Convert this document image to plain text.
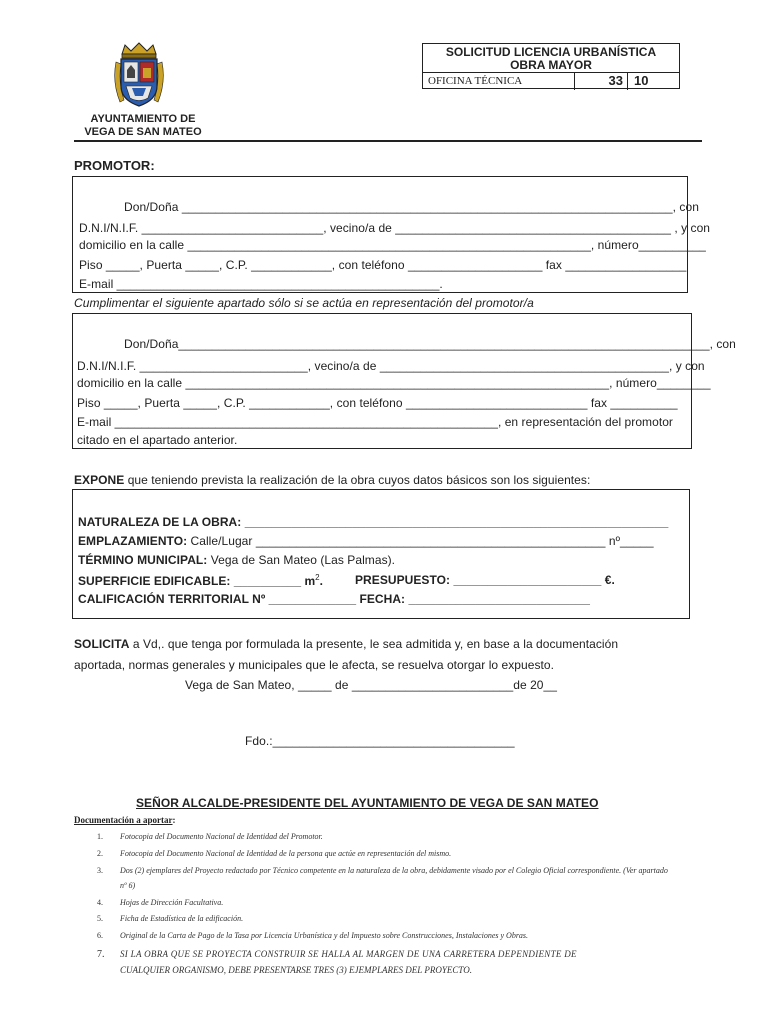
AYUNTAMIENTO DE
VEGA DE SAN MATEO
SOLICITUD LICENCIA URBANÍSTICA
OBRA MAYOR
OFICINA TÉCNICA	33 10
PROMOTOR:
Don/Doña _________________________________________________________________________, con
D.N.I/N.I.F. ___________________________, vecino/a de _________________________________________ , y con
domicilio en la calle ____________________________________________________________, número__________
Piso _____, Puerta _____, C.P. ____________, con teléfono ____________________ fax __________________
E-mail ________________________________________________.
Cumplimentar el siguiente apartado sólo si se actúa en representación del promotor/a
Don/Doña_______________________________________________________________________________, con
D.N.I/N.I.F. _________________________, vecino/a de ___________________________________________, y con
domicilio en la calle _______________________________________________________________, número________
Piso _____, Puerta _____, C.P. ____________, con teléfono ___________________________ fax __________
E-mail _________________________________________________________, en representación del promotor
citado en el apartado anterior.
EXPONE que teniendo prevista la realización de la obra cuyos datos básicos son los siguientes:
NATURALEZA DE LA OBRA: _______________________________________________________________
EMPLAZAMIENTO: Calle/Lugar ____________________________________________________ nº_____
TÉRMINO MUNICIPAL: Vega de San Mateo (Las Palmas).
SUPERFICIE EDIFICABLE: __________ $m^2$.	PRESUPUESTO: ______________________ €.
CALIFICACIÓN TERRITORIAL Nº _____________ FECHA: ___________________________
SOLICITA a Vd,. que tenga por formulada la presente, le sea admitida y, en base a la documentación
aportada, normas generales y municipales que le afecta, se resuelva otorgar lo expuesto.
Vega de San Mateo, _____ de ________________________de 20__
Fdo.:____________________________________
SEÑOR ALCALDE-PRESIDENTE DEL AYUNTAMIENTO DE VEGA DE SAN MATEO
Documentación a aportar:
1. Fotocopia del Documento Nacional de Identidad del Promotor.
2. Fotocopia del Documento Nacional de Identidad de la persona que actúe en representación del mismo.
3. Dos (2) ejemplares del Proyecto redactado por Técnico competente en la naturaleza de la obra, debidamente visado por el Colegio Oficial correspondiente. (Ver apartado
nº 6)
4. Hojas de Dirección Facultativa.
5. Ficha de Estadística de la edificación.
6. Original de la Carta de Pago de la Tasa por Licencia Urbanística y del Impuesto sobre Construcciones, Instalaciones y Obras.
7. SI LA OBRA QUE SE PROYECTA CONSTRUIR SE HALLA AL MARGEN DE UNA CARRETERA DEPENDIENTE DE
CUALQUIER ORGANISMO, DEBE PRESENTARSE TRES (3) EJEMPLARES DEL PROYECTO.
